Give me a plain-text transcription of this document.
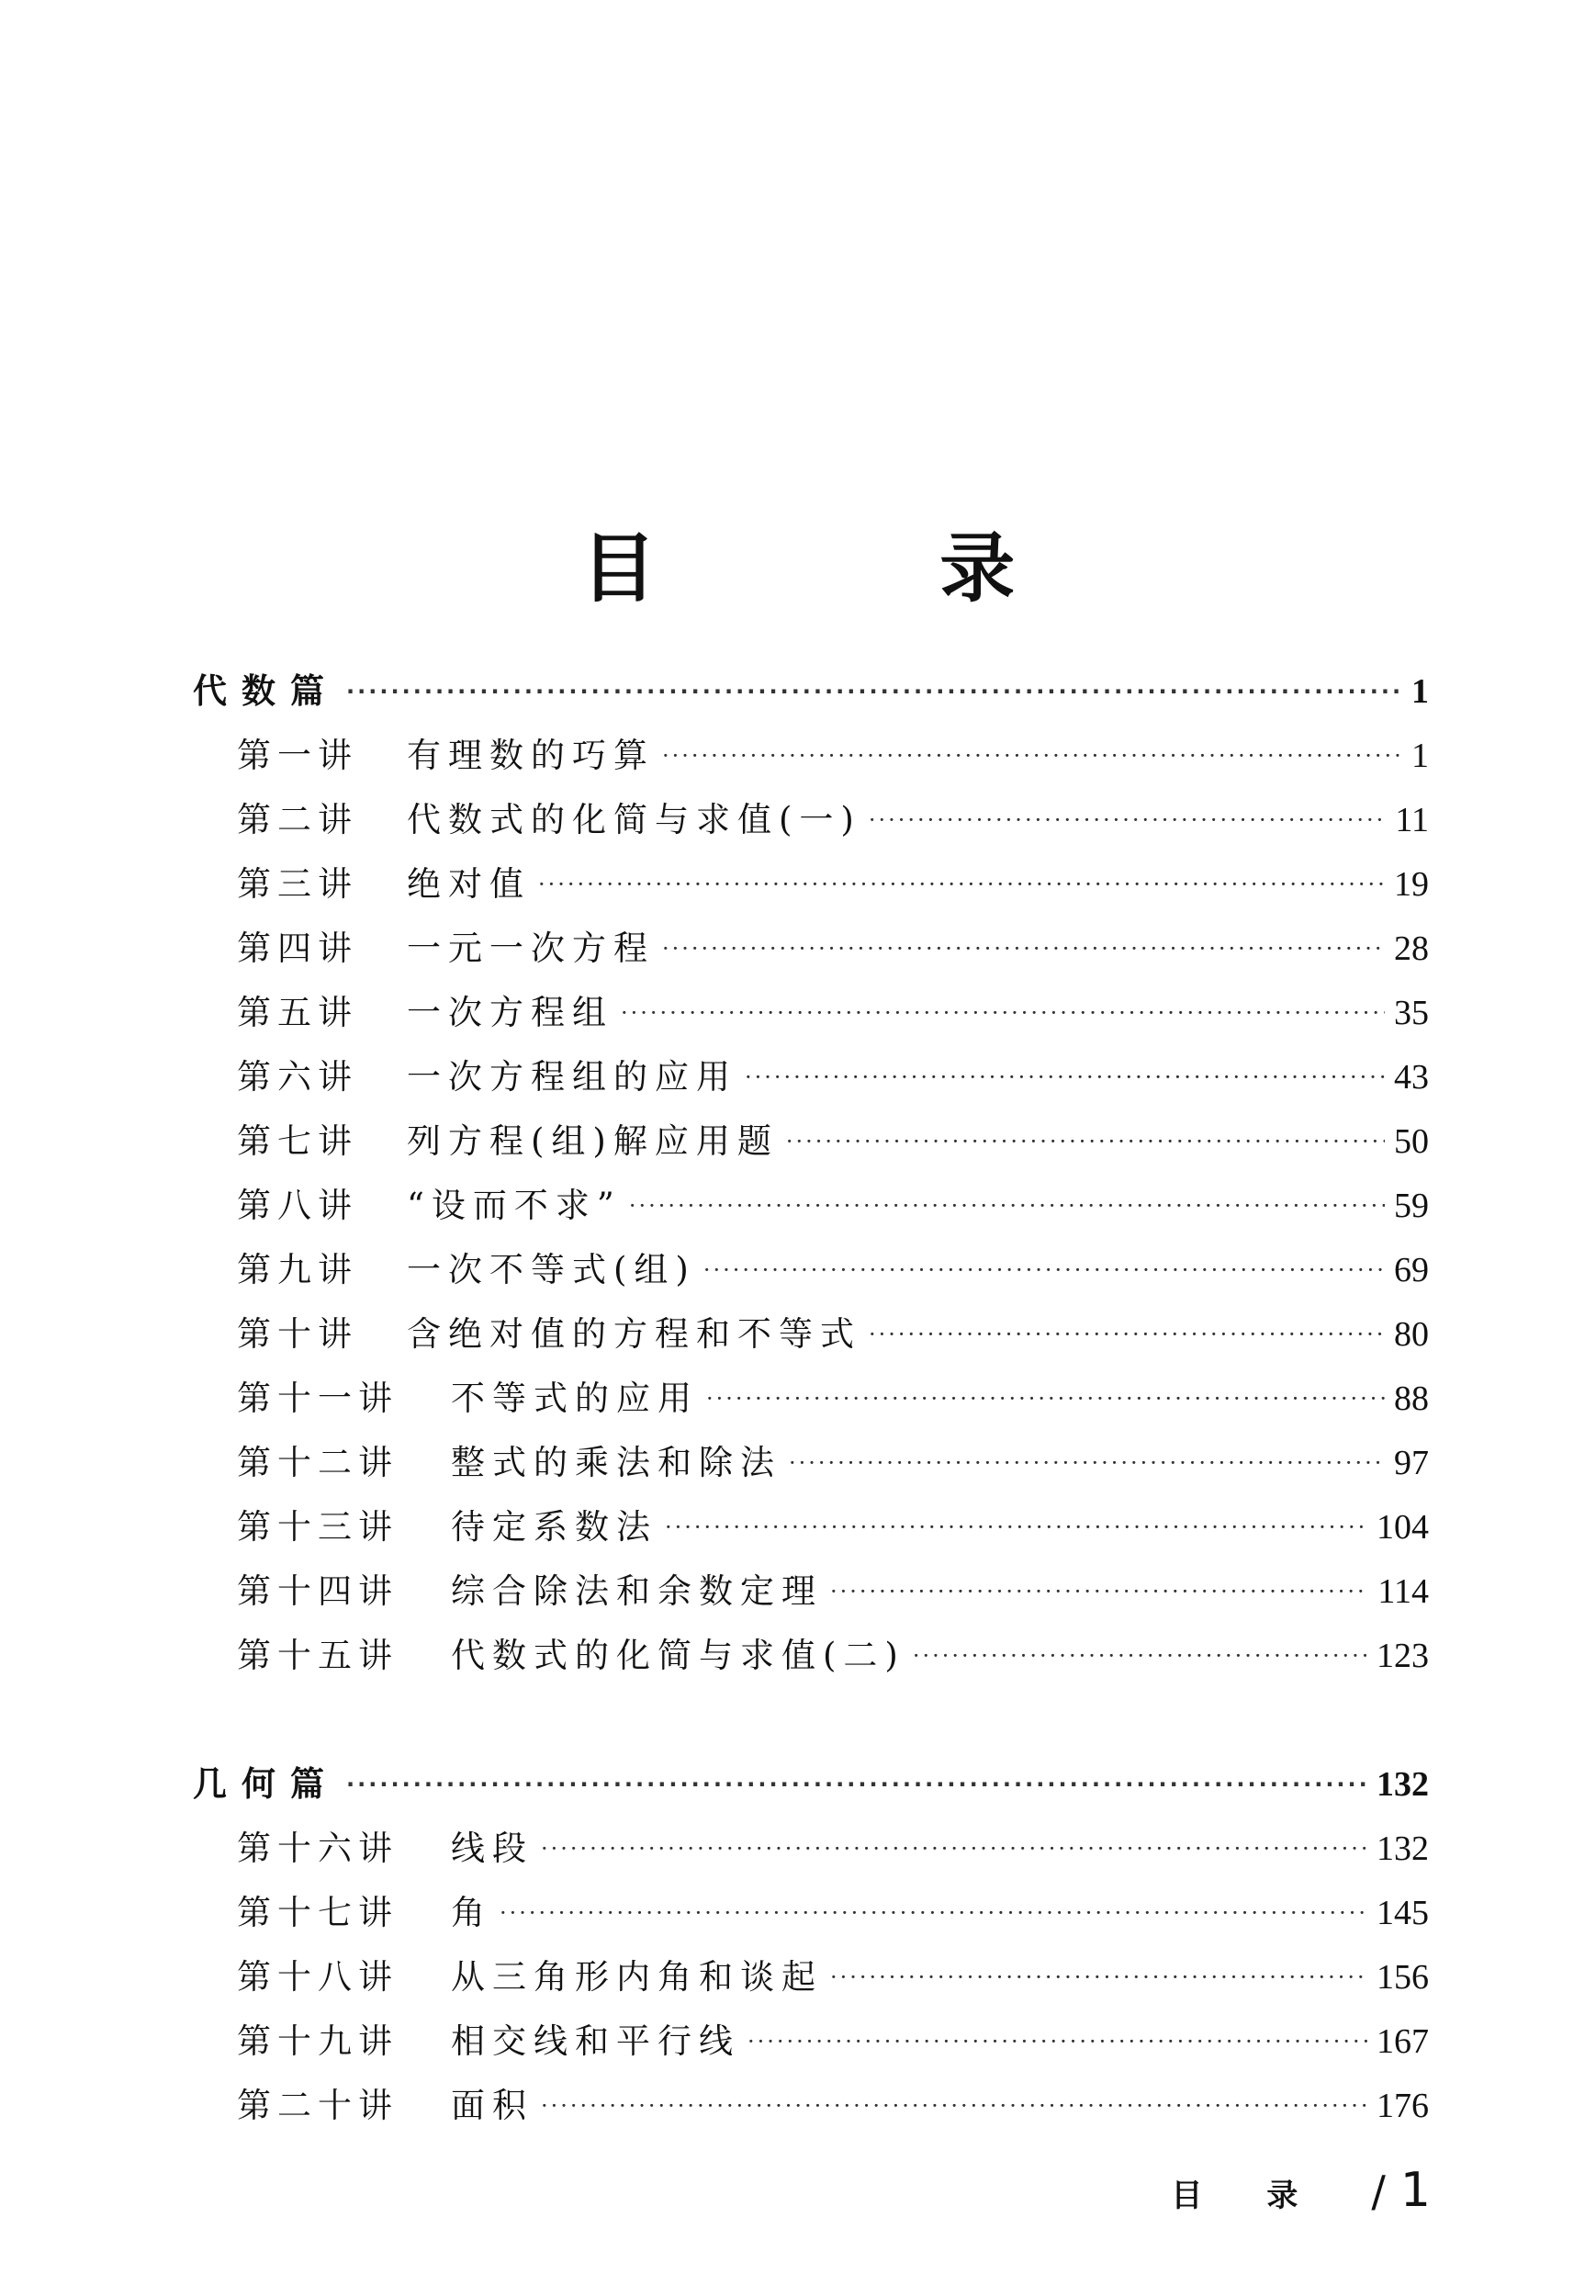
目 录
代数篇 ·····	1
第一讲	有理数的巧算 ·····	1
第二讲	代数式的化简与求值(一) ·····	11
第三讲	绝对值 ·····	19
第四讲	一元一次方程 ·····	28
第五讲	一次方程组 ·····	35
第六讲	一次方程组的应用 ·····	43
第七讲	列方程(组)解应用题 ·····	50
第八讲	“设而不求” ·····	59
第九讲	一次不等式(组) ·····	69
第十讲	含绝对值的方程和不等式 ·····	80
第十一讲	不等式的应用 ·····	88
第十二讲	整式的乘法和除法 ·····	97
第十三讲	待定系数法 ·····	104
第十四讲	综合除法和余数定理 ·····	114
第十五讲	代数式的化简与求值(二) ·····	123
几何篇 ·····	132
第十六讲	线段 ·····	132
第十七讲	角 ·····	145
第十八讲	从三角形内角和谈起 ·····	156
第十九讲	相交线和平行线 ·····	167
第二十讲	面积 ·····	176
目录 / 1
